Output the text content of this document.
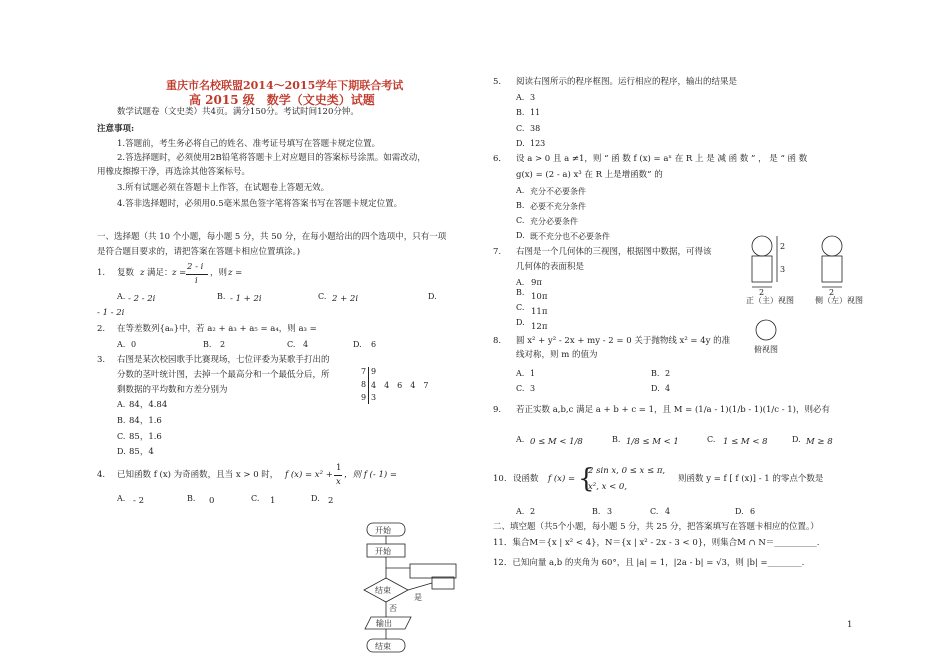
重庆市名校联盟2014～2015学年下期联合考试
高 2015 级　数学（文史类）试题
数学试题卷（文史类）共4页。满分150分。考试时间120分钟。
注意事项:
1.答题前，考生务必将自己的姓名、准考证号填写在答题卡规定位置。
2.答选择题时，必须使用2B铅笔将答题卡上对应题目的答案标号涂黑。如需改动，
用橡皮擦擦干净，再选涂其他答案标号。
3.所有试题必须在答题卡上作答，在试题卷上答题无效。
4.答非选择题时，必须用0.5毫米黑色签字笔将答案书写在答题卡规定位置。
一、选择题（共 10 个小题，每小题 5 分，共 50 分，在每小题给出的四个选项中，只有一项
是符合题目要求的，请把答案在答题卡相应位置填涂。)
1. 复数 z 满足： z =
2 - i
i
，则 z =
A. - 2 - 2i	B. - 1 + 2i	C. 2 + 2i	D.
- 1 - 2i
2. 在等差数列{aₙ}中，若 a₂ + a₃ + a₅ = a₄，则 a₃ =
A. 0	B. 2	C. 4	D. 6
3. 右图是某次校园歌手比赛现场，七位评委为某歌手打出的
分数的茎叶统计图，去掉一个最高分和一个最低分后，所
剩数据的平均数和方差分别为
7 9
8 4　4　6　4　7
9 3
A. 84，4.84
B. 84，1.6
C. 85，1.6
D. 85，4
4. 已知函数 f (x) 为奇函数，且当 x > 0 时， f (x) = x² +
1
x
，则 f (- 1) =
A. - 2	B. 0	C. 1	D. 2
开始
开始
结束
是
否
输出
结束
5. 阅读右图所示的程序框图。运行相应的程序，输出的结果是
A. 3
B. 11
C. 38
D. 123
6． 设 a > 0 且 a ≠1，则 “ 函 数 f (x) = aˣ 在 R 上 是 减 函 数 ” ， 是 “ 函 数
g(x) = (2 - a) x³ 在 R 上是增函数” 的
A. 充分不必要条件
B. 必要不充分条件
C. 充分必要条件
D. 既不充分也不必要条件
7. 右图是一个几何体的三视图，根据图中数据，可得该
几何体的表面积是
A. 9π
B. 10π
C. 11π
D. 12π
2
3
2
正（主）视图
2
侧（左）视图
俯视图
8. 圆 x² + y² - 2x + my - 2 = 0 关于抛物线 x² = 4y 的准
线对称，则 m 的值为
A. 1	B. 2
C. 3	D. 4
9. 若正实数 a,b,c 满足 a + b + c = 1，且 M = (1/a - 1)(1/b - 1)(1/c - 1)，则必有
A. 0 ≤ M < 1/8	B. 1/8 ≤ M < 1	C. 1 ≤ M < 8	D. M ≥ 8
10. 设函数 f (x) = {
2 sin x, 0 ≤ x ≤ π,
x², x < 0,
则函数 y = f [ f (x)] - 1 的零点个数是
A. 2	B. 3	C. 4	D. 6
二、填空题（共5个小题，每小题 5 分，共 25 分，把答案填写在答题卡相应的位置。）
11．集合M＝{x | x² < 4}，N＝{x | x² - 2x - 3 < 0}，则集合M ∩ N＝__________.
12．已知向量 a,b 的夹角为 60°，且 |a| = 1，|2a - b| = √3，则 |b| =________.
1
